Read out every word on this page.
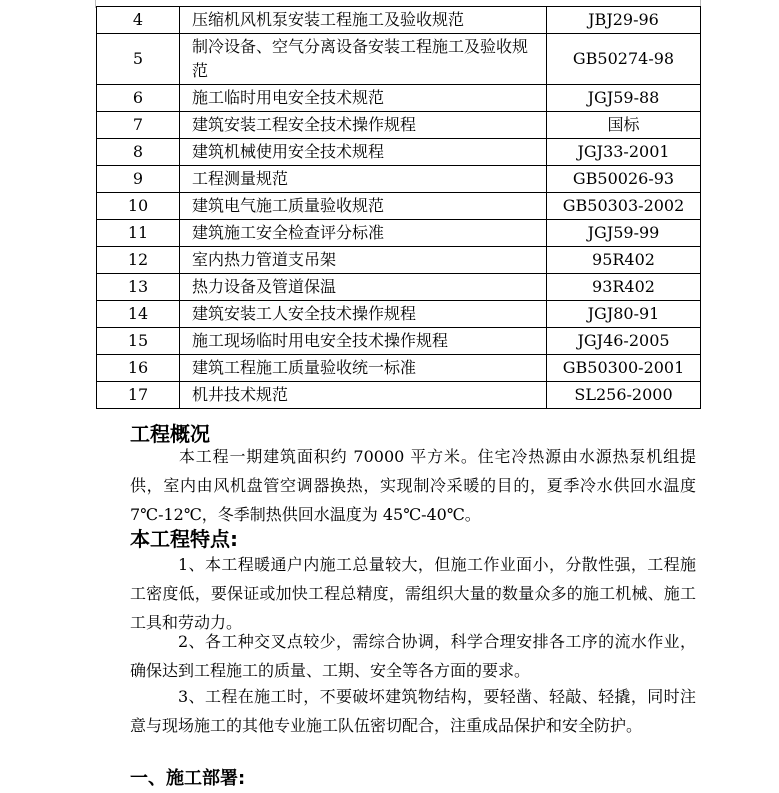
4	压缩机风机泵安装工程施工及验收规范	JBJ29-96
5	制冷设备、空气分离设备安装工程施工及验收规范	GB50274-98
6	施工临时用电安全技术规范	JGJ59-88
7	建筑安装工程安全技术操作规程	国标
8	建筑机械使用安全技术规程	JGJ33-2001
9	工程测量规范	GB50026-93
10	建筑电气施工质量验收规范	GB50303-2002
11	建筑施工安全检查评分标准	JGJ59-99
12	室内热力管道支吊架	95R402
13	热力设备及管道保温	93R402
14	建筑安装工人安全技术操作规程	JGJ80-91
15	施工现场临时用电安全技术操作规程	JGJ46-2005
16	建筑工程施工质量验收统一标准	GB50300-2001
17	机井技术规范	SL256-2000
工程概况
本工程一期建筑面积约 70000 平方米。住宅冷热源由水源热泵机组提供，室内由风机盘管空调器换热，实现制冷采暖的目的，夏季冷水供回水温度 7℃-12℃，冬季制热供回水温度为 45℃-40℃。
本工程特点:
1、本工程暖通户内施工总量较大，但施工作业面小，分散性强，工程施工密度低，要保证或加快工程总精度，需组织大量的数量众多的施工机械、施工工具和劳动力。
2、各工种交叉点较少，需综合协调，科学合理安排各工序的流水作业，确保达到工程施工的质量、工期、安全等各方面的要求。
3、工程在施工时，不要破坏建筑物结构，要轻凿、轻敲、轻撬，同时注意与现场施工的其他专业施工队伍密切配合，注重成品保护和安全防护。
一、施工部署:
